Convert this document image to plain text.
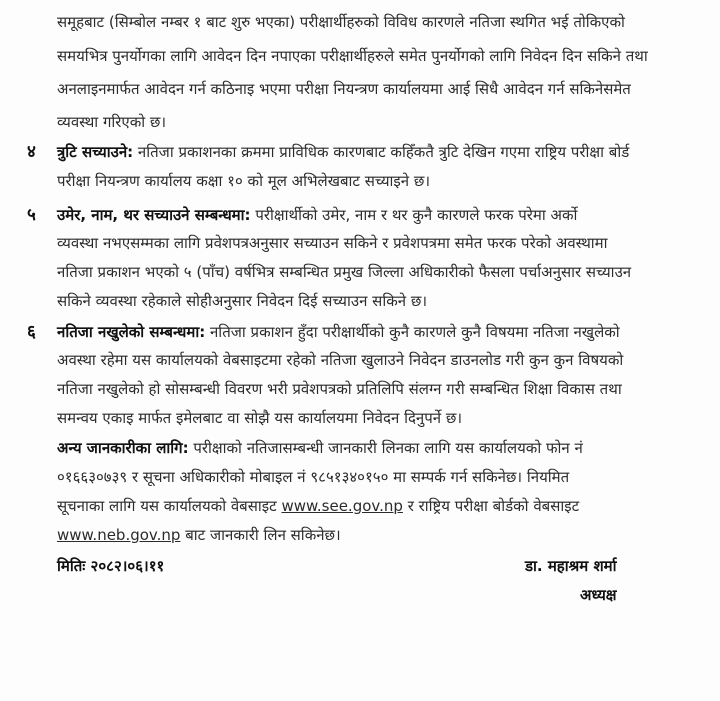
समूहबाट (सिम्बोल नम्बर १ बाट शुरु भएका) परीक्षार्थीहरुको विविध कारणले नतिजा स्थगित भई तोकिएको
समयभित्र पुनर्योगका लागि आवेदन दिन नपाएका परीक्षार्थीहरुले समेत पुनर्योगको लागि निवेदन दिन सकिने तथा
अनलाइनमार्फत आवेदन गर्न कठिनाइ भएमा परीक्षा नियन्त्रण कार्यालयमा आई सिधै आवेदन गर्न सकिनेसमेत
व्यवस्था गरिएको छ।
४ त्रुटि सच्याउने: नतिजा प्रकाशनका क्रममा प्राविधिक कारणबाट कहिँकतै त्रुटि देखिन गएमा राष्ट्रिय परीक्षा बोर्ड
परीक्षा नियन्त्रण कार्यालय कक्षा १० को मूल अभिलेखबाट सच्याइने छ।
५ उमेर, नाम, थर सच्याउने सम्बन्धमा: परीक्षार्थीको उमेर, नाम र थर कुनै कारणले फरक परेमा अर्को
व्यवस्था नभएसम्मका लागि प्रवेशपत्रअनुसार सच्याउन सकिने र प्रवेशपत्रमा समेत फरक परेको अवस्थामा
नतिजा प्रकाशन भएको ५ (पाँच) वर्षभित्र सम्बन्धित प्रमुख जिल्ला अधिकारीको फैसला पर्चाअनुसार सच्याउन
सकिने व्यवस्था रहेकाले सोहीअनुसार निवेदन दिई सच्याउन सकिने छ।
६ नतिजा नखुलेको सम्बन्धमा: नतिजा प्रकाशन हुँदा परीक्षार्थीको कुनै कारणले कुनै विषयमा नतिजा नखुलेको
अवस्था रहेमा यस कार्यालयको वेबसाइटमा रहेको नतिजा खुलाउने निवेदन डाउनलोड गरी कुन कुन विषयको
नतिजा नखुलेको हो सोसम्बन्धी विवरण भरी प्रवेशपत्रको प्रतिलिपि संलग्न गरी सम्बन्धित शिक्षा विकास तथा
समन्वय एकाइ मार्फत इमेलबाट वा सोझै यस कार्यालयमा निवेदन दिनुपर्ने छ।
अन्य जानकारीका लागि: परीक्षाको नतिजासम्बन्धी जानकारी लिनका लागि यस कार्यालयको फोन नं
०१६६३०७३९ र सूचना अधिकारीको मोबाइल नं ९८५१३४०१५० मा सम्पर्क गर्न सकिनेछ। नियमित
सूचनाका लागि यस कार्यालयको वेबसाइट www.see.gov.np र राष्ट्रिय परीक्षा बोर्डको वेबसाइट
www.neb.gov.np बाट जानकारी लिन सकिनेछ।
मितिः २०८२।०६।११	डा. महाश्रम शर्मा
अध्यक्ष
